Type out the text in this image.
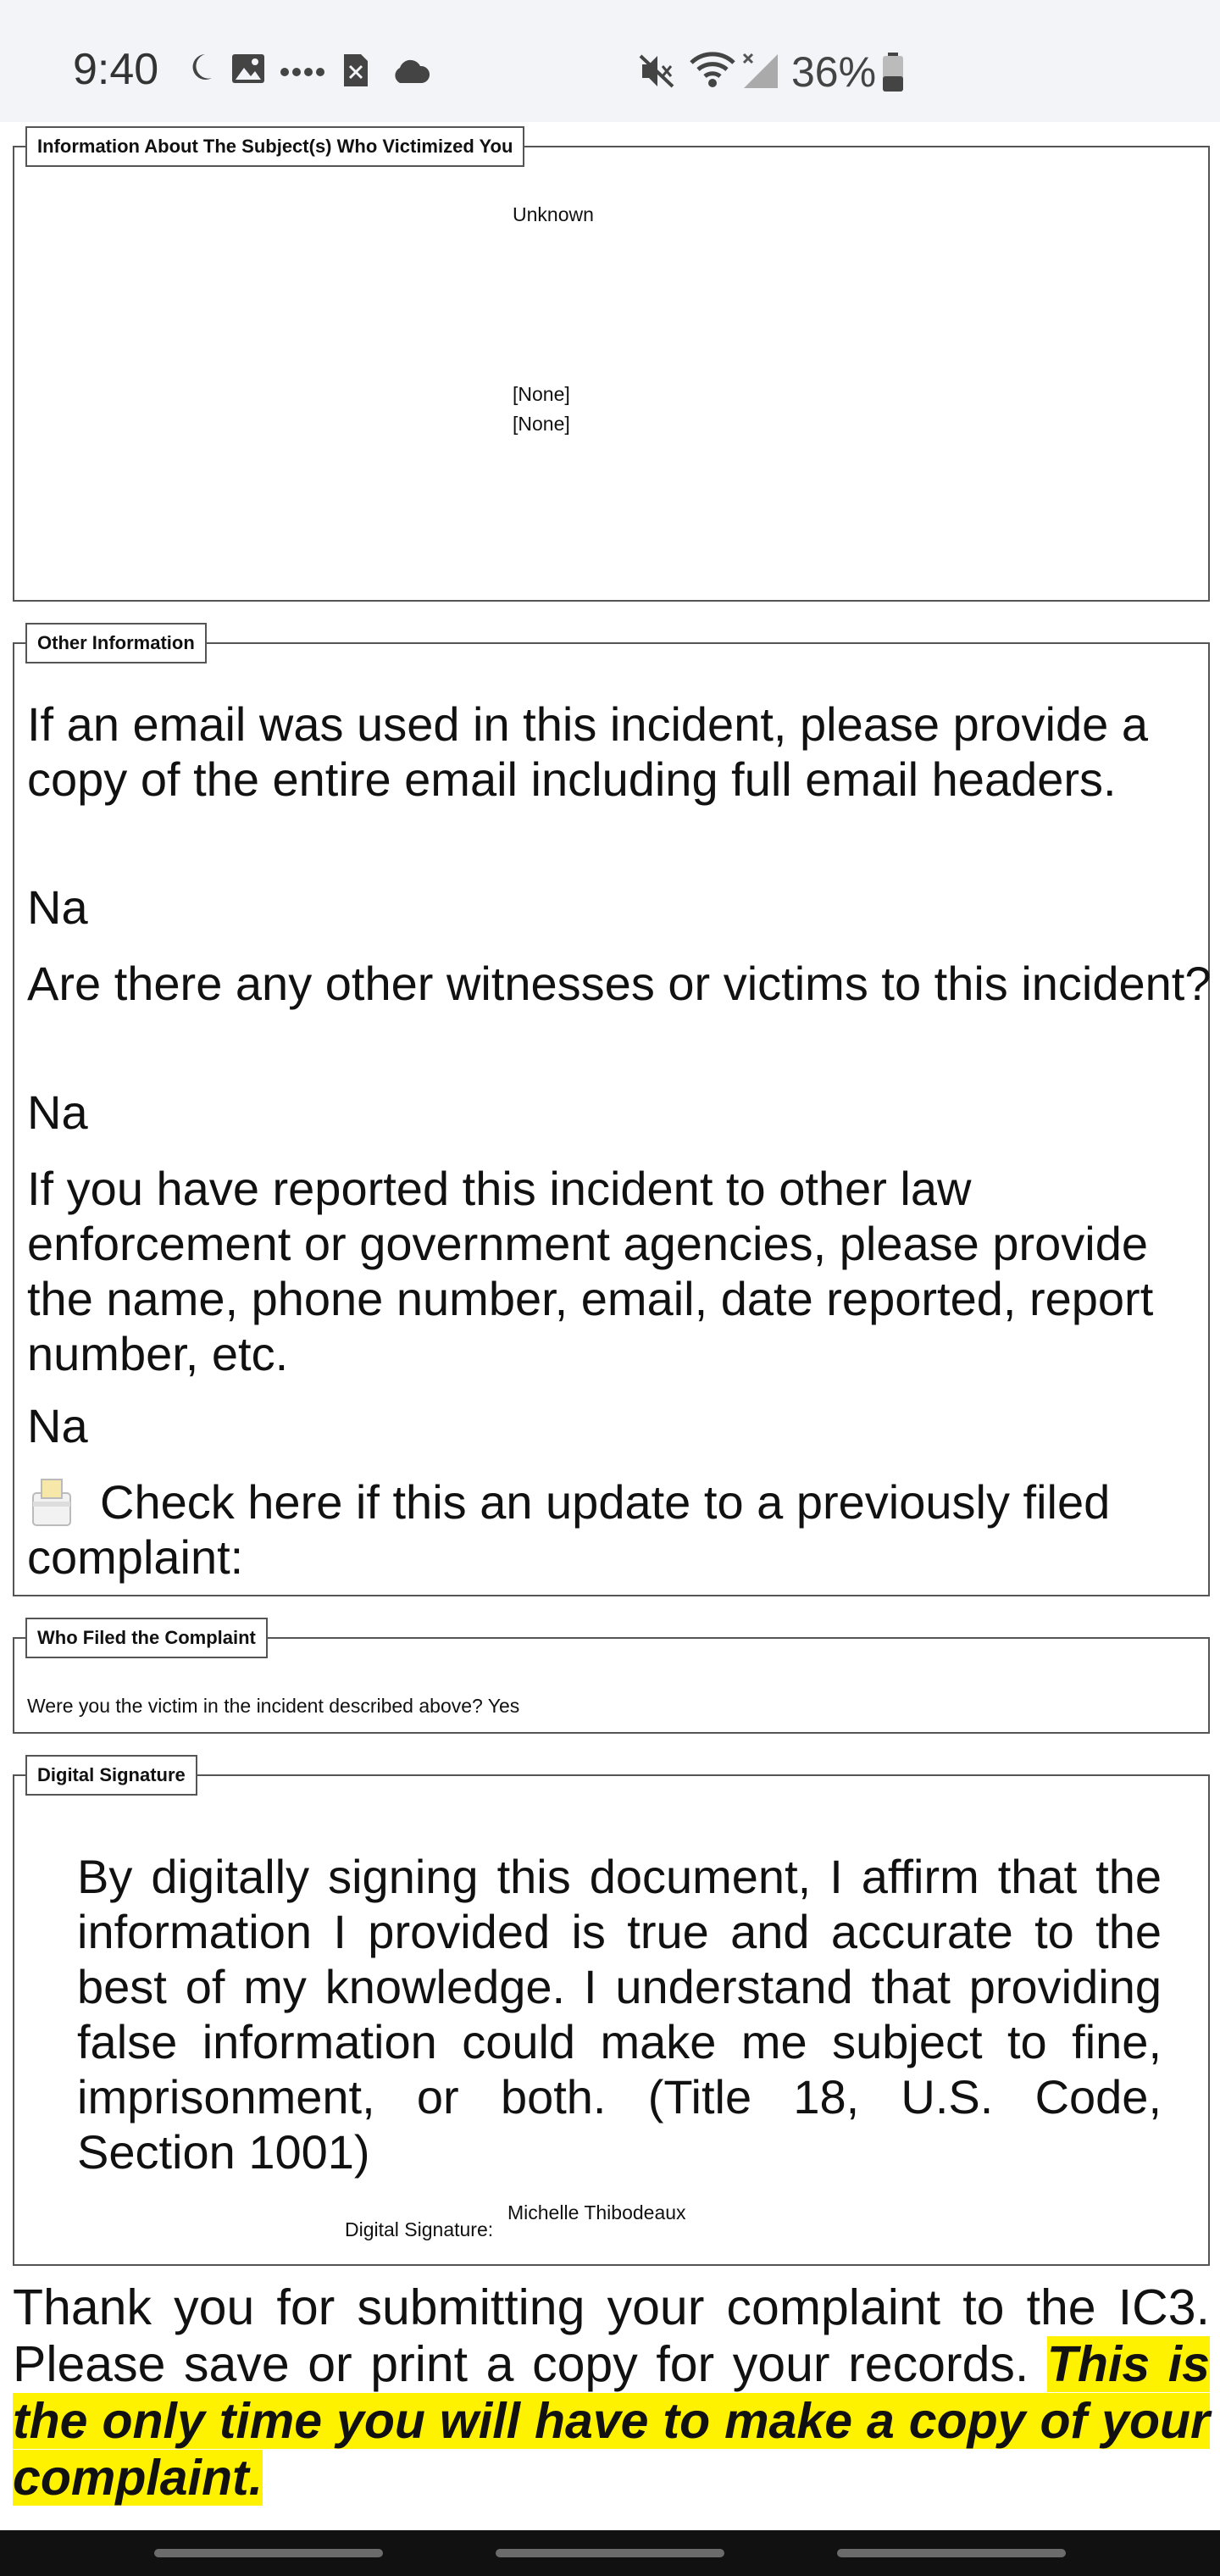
9:40	36%
Unknown
[None]
[None]
Information About The Subject(s) Who Victimized You
If an email was used in this incident, please provide a copy of the entire email including full email headers.
Na
Are there any other witnesses or victims to this incident?
Na
If you have reported this incident to other law enforcement or government agencies, please provide the name, phone number, email, date reported, report number, etc.
Na
Check here if this an update to a previously filed complaint:
Other Information
Were you the victim in the incident described above? Yes
Who Filed the Complaint
By digitally signing this document, I affirm that the information I provided is true and accurate to the best of my knowledge. I understand that providing false information could make me subject to fine, imprisonment, or both. (Title 18, U.S. Code, Section 1001)
Digital Signature:
Michelle Thibodeaux
Digital Signature
Thank you for submitting your complaint to the IC3. Please save or print a copy for your records. This is the only time you will have to make a copy of your complaint.
